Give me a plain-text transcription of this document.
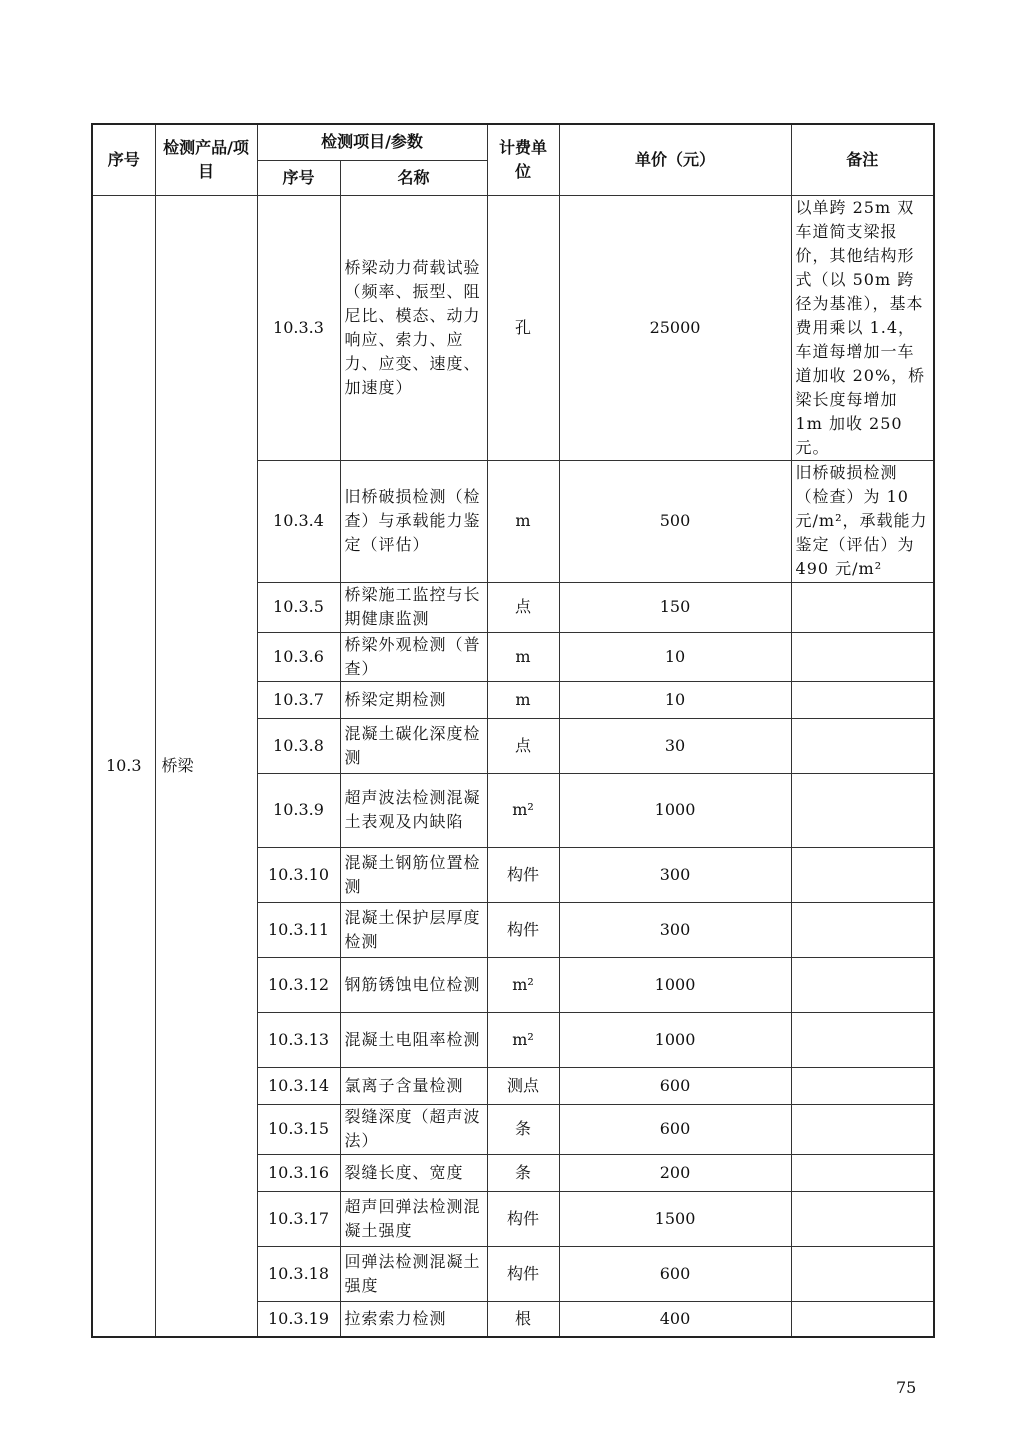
序号	检测产品/项目	检测项目/参数		计费单位	单价（元）	备注
		序号	名称			
10.3	桥梁	10.3.3	桥梁动力荷载试验（频率、振型、阻尼比、模态、动力响应、索力、应力、应变、速度、加速度）	孔	25000	以单跨 25m 双车道简支梁报价，其他结构形式（以 50m 跨径为基准），基本费用乘以 1.4，车道每增加一车道加收 20%，桥梁长度每增加 1m 加收 250 元。
		10.3.4	旧桥破损检测（检查）与承载能力鉴定（评估）	m	500	旧桥破损检测（检查）为 10 元/m²，承载能力鉴定（评估）为 490 元/m²
		10.3.5	桥梁施工监控与长期健康监测	点	150	
		10.3.6	桥梁外观检测（普查）	m	10	
		10.3.7	桥梁定期检测	m	10	
		10.3.8	混凝土碳化深度检测	点	30	
		10.3.9	超声波法检测混凝土表观及内缺陷	m²	1000	
		10.3.10	混凝土钢筋位置检测	构件	300	
		10.3.11	混凝土保护层厚度检测	构件	300	
		10.3.12	钢筋锈蚀电位检测	m²	1000	
		10.3.13	混凝土电阻率检测	m²	1000	
		10.3.14	氯离子含量检测	测点	600	
		10.3.15	裂缝深度（超声波法）	条	600	
		10.3.16	裂缝长度、宽度	条	200	
		10.3.17	超声回弹法检测混凝土强度	构件	1500	
		10.3.18	回弹法检测混凝土强度	构件	600	
		10.3.19	拉索索力检测	根	400	
75
